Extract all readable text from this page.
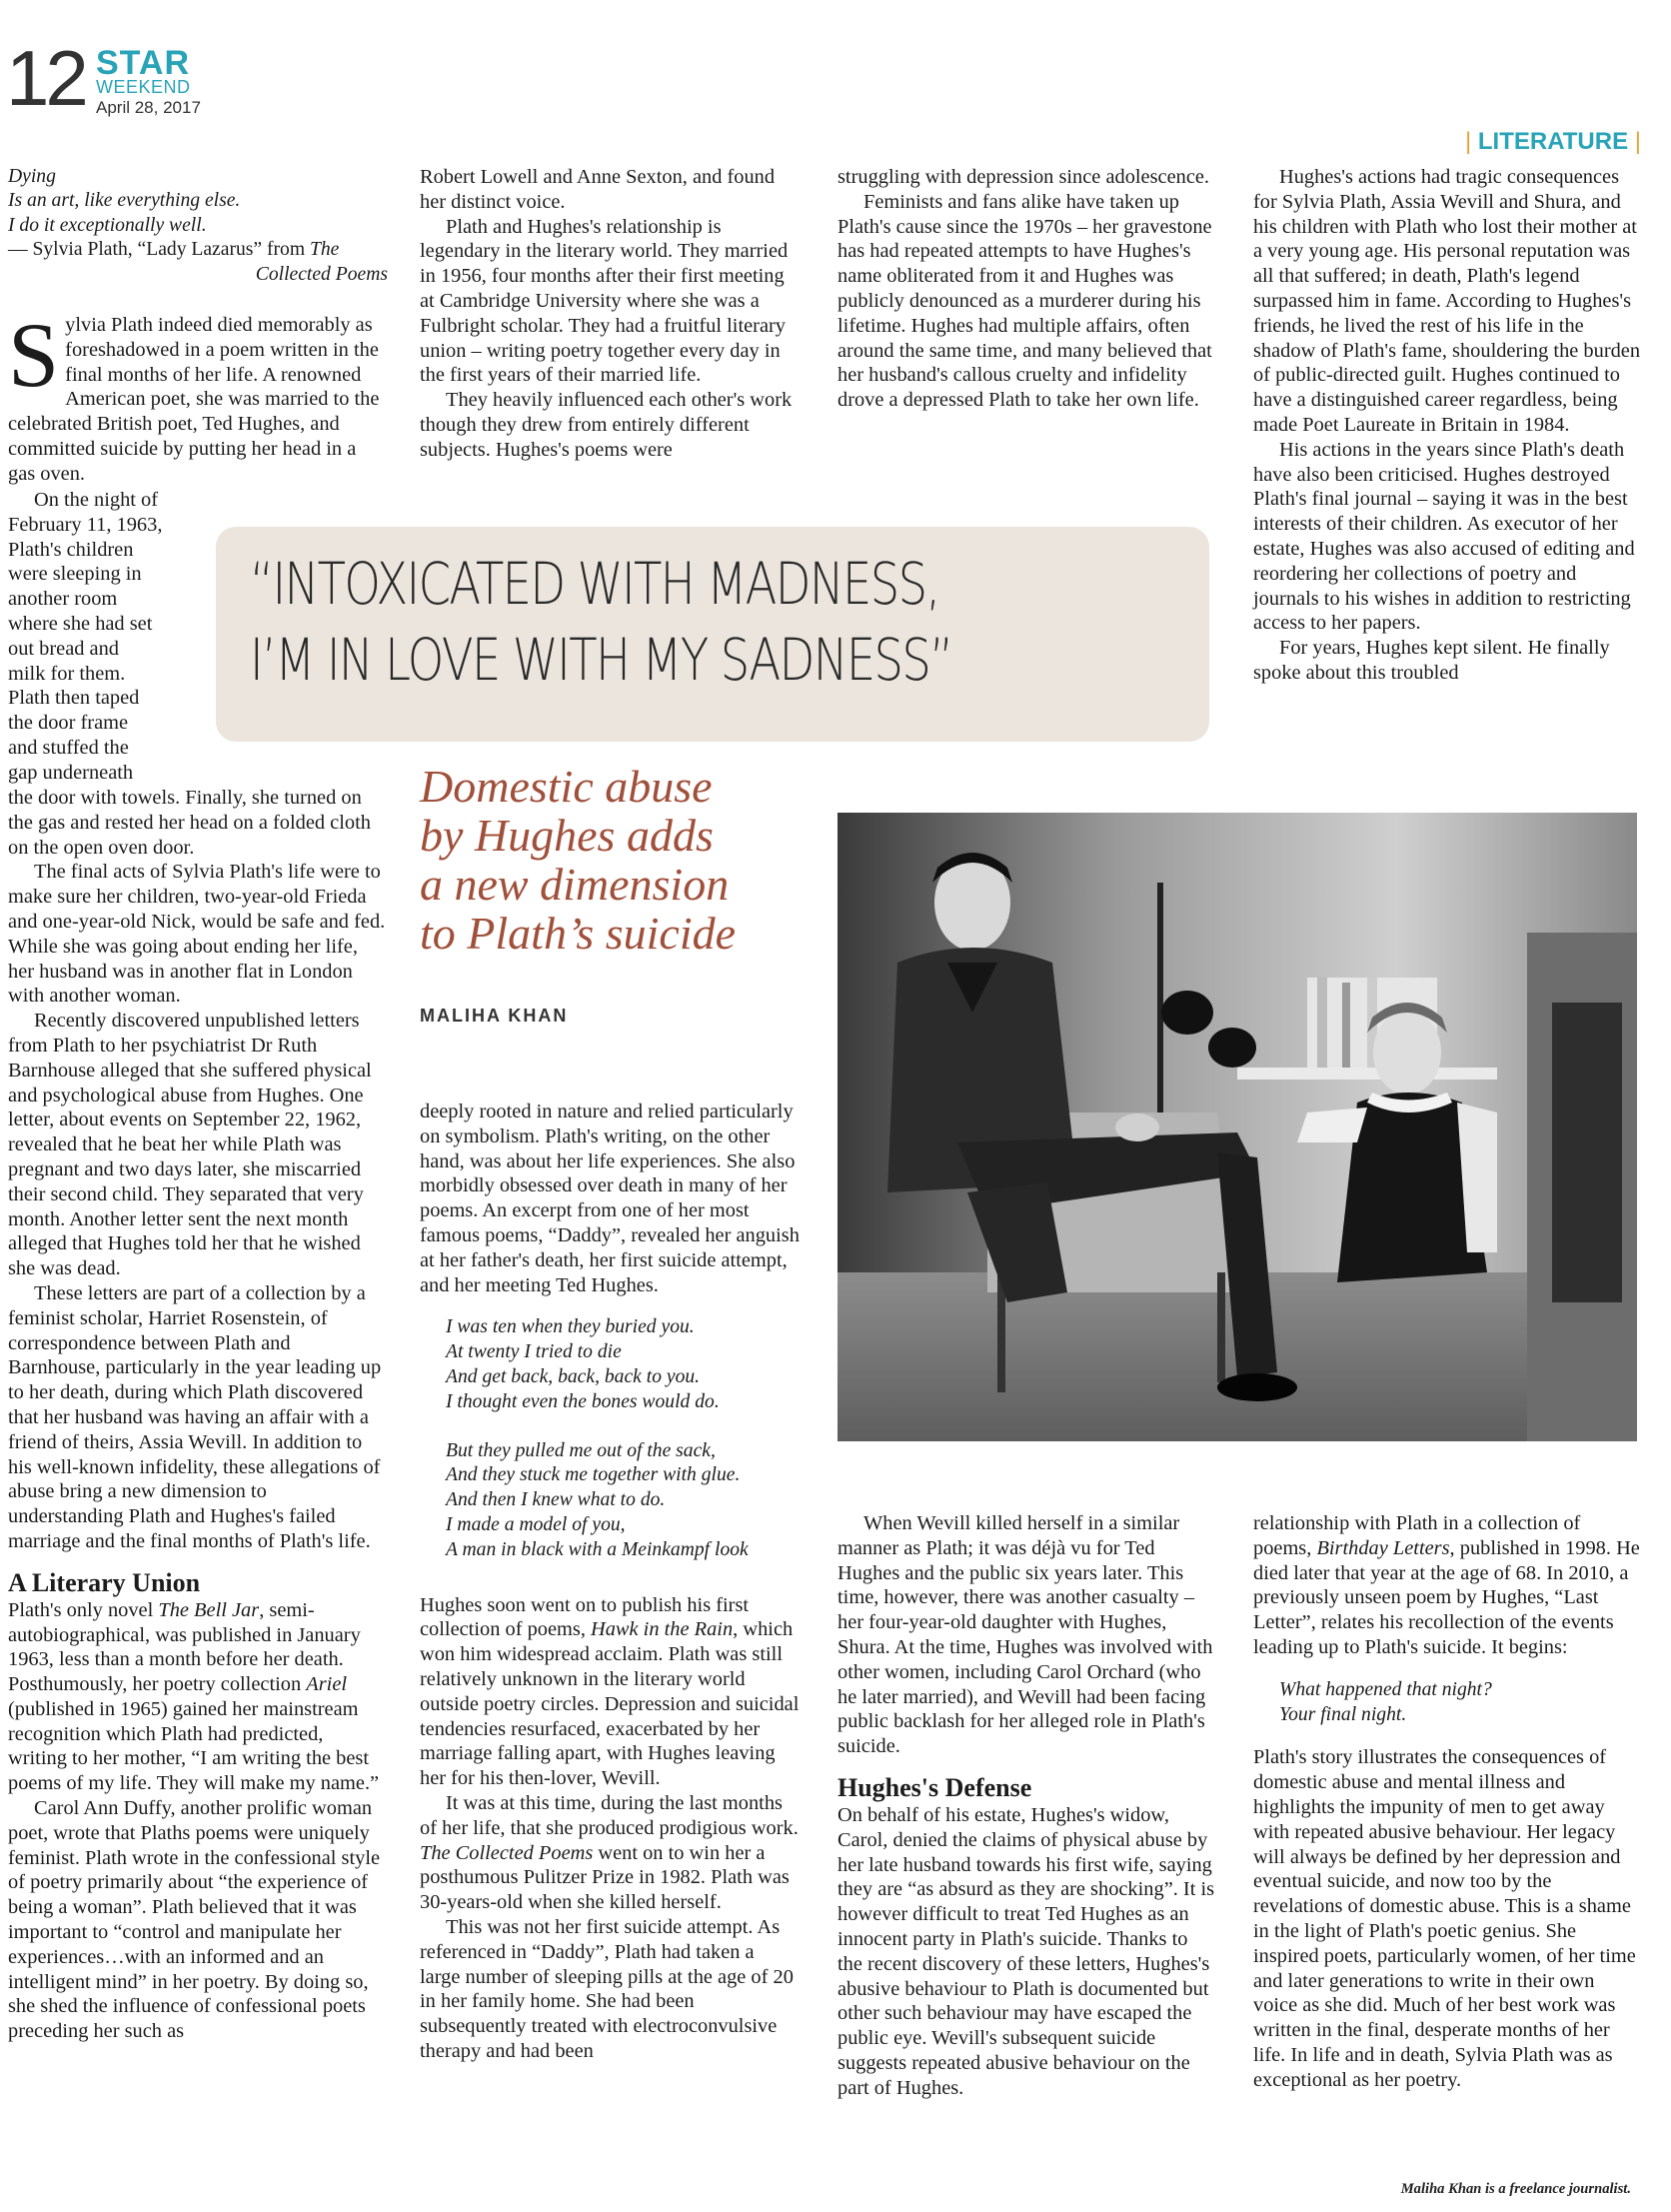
12 STAR
WEEKEND
April 28, 2017
| LITERATURE |
Dying
Is an art, like everything else.
I do it exceptionally well.
— Sylvia Plath, “Lady Lazarus” from The
Collected Poems

Sylvia Plath indeed died memorably as foreshadowed in a poem written in the final months of her life. A renowned American poet, she was married to the celebrated British poet, Ted Hughes, and committed suicide by putting her head in a gas oven.

On the night of
February 11, 1963,
Plath's children
were sleeping in
another room
where she had set
out bread and
milk for them.
Plath then taped
the door frame
and stuffed the
gap underneath

the door with towels. Finally, she turned on the gas and rested her head on a folded cloth on the open oven door.

The final acts of Sylvia Plath's life were to make sure her children, two-year-old Frieda and one-year-old Nick, would be safe and fed. While she was going about ending her life, her husband was in another flat in London with another woman.

Recently discovered unpublished letters from Plath to her psychiatrist Dr Ruth Barnhouse alleged that she suffered physical and psychological abuse from Hughes. One letter, about events on September 22, 1962, revealed that he beat her while Plath was pregnant and two days later, she miscarried their second child. They separated that very month. Another letter sent the next month alleged that Hughes told her that he wished she was dead.

These letters are part of a collection by a feminist scholar, Harriet Rosenstein, of correspondence between Plath and Barnhouse, particularly in the year leading up to her death, during which Plath discovered that her husband was having an affair with a friend of theirs, Assia Wevill. In addition to his well-known infidelity, these allegations of abuse bring a new dimension to understanding Plath and Hughes's failed marriage and the final months of Plath's life.

A Literary Union

Plath's only novel The Bell Jar, semi-autobiographical, was published in January 1963, less than a month before her death. Posthumously, her poetry collection Ariel (published in 1965) gained her mainstream recognition which Plath had predicted, writing to her mother, “I am writing the best poems of my life. They will make my name.”

Carol Ann Duffy, another prolific woman poet, wrote that Plaths poems were uniquely feminist. Plath wrote in the confessional style of poetry primarily about “the experience of being a woman”. Plath believed that it was important to “control and manipulate her experiences…with an informed and an intelligent mind” in her poetry. By doing so, she shed the influence of confessional poets preceding her such as

Robert Lowell and Anne Sexton, and found her distinct voice.

Plath and Hughes's relationship is legendary in the literary world. They married in 1956, four months after their first meeting at Cambridge University where she was a Fulbright scholar. They had a fruitful literary union – writing poetry together every day in the first years of their married life.

They heavily influenced each other's work though they drew from entirely different subjects. Hughes's poems were

struggling with depression since adolescence.

Feminists and fans alike have taken up Plath's cause since the 1970s – her gravestone has had repeated attempts to have Hughes's name obliterated from it and Hughes was publicly denounced as a murderer during his lifetime. Hughes had multiple affairs, often around the same time, and many believed that her husband's callous cruelty and infidelity drove a depressed Plath to take her own life.

Hughes's actions had tragic consequences for Sylvia Plath, Assia Wevill and Shura, and his children with Plath who lost their mother at a very young age. His personal reputation was all that suffered; in death, Plath's legend surpassed him in fame. According to Hughes's friends, he lived the rest of his life in the shadow of Plath's fame, shouldering the burden of public-directed guilt. Hughes continued to have a distinguished career regardless, being made Poet Laureate in Britain in 1984.

His actions in the years since Plath's death have also been criticised. Hughes destroyed Plath's final journal – saying it was in the best interests of their children. As executor of her estate, Hughes was also accused of editing and reordering her collections of poetry and journals to his wishes in addition to restricting access to her papers.

For years, Hughes kept silent. He finally spoke about this troubled

“INTOXICATED WITH MADNESS,
I’M IN LOVE WITH MY SADNESS”
Domestic abuse
by Hughes adds
a new dimension
to Plath’s suicide
MALIHA KHAN

deeply rooted in nature and relied particularly on symbolism. Plath's writing, on the other hand, was about her life experiences. She also morbidly obsessed over death in many of her poems. An excerpt from one of her most famous poems, “Daddy”, revealed her anguish at her father's death, her first suicide attempt, and her meeting Ted Hughes.

I was ten when they buried you.
At twenty I tried to die
And get back, back, back to you.
I thought even the bones would do.
But they pulled me out of the sack,
And they stuck me together with glue.
And then I knew what to do.
I made a model of you,
A man in black with a Meinkampf look

Hughes soon went on to publish his first collection of poems, Hawk in the Rain, which won him widespread acclaim. Plath was still relatively unknown in the literary world outside poetry circles. Depression and suicidal tendencies resurfaced, exacerbated by her marriage falling apart, with Hughes leaving her for his then-lover, Wevill.

It was at this time, during the last months of her life, that she produced prodigious work. The Collected Poems went on to win her a posthumous Pulitzer Prize in 1982. Plath was 30-years-old when she killed herself.

This was not her first suicide attempt. As referenced in “Daddy”, Plath had taken a large number of sleeping pills at the age of 20 in her family home. She had been subsequently treated with electroconvulsive therapy and had been

When Wevill killed herself in a similar manner as Plath; it was déjà vu for Ted Hughes and the public six years later. This time, however, there was another casualty – her four-year-old daughter with Hughes, Shura. At the time, Hughes was involved with other women, including Carol Orchard (who he later married), and Wevill had been facing public backlash for her alleged role in Plath's suicide.

Hughes's Defense

On behalf of his estate, Hughes's widow, Carol, denied the claims of physical abuse by her late husband towards his first wife, saying they are “as absurd as they are shocking”. It is however difficult to treat Ted Hughes as an innocent party in Plath's suicide. Thanks to the recent discovery of these letters, Hughes's abusive behaviour to Plath is documented but other such behaviour may have escaped the public eye. Wevill's subsequent suicide suggests repeated abusive behaviour on the part of Hughes.

relationship with Plath in a collection of poems, Birthday Letters, published in 1998. He died later that year at the age of 68. In 2010, a previously unseen poem by Hughes, “Last Letter”, relates his recollection of the events leading up to Plath's suicide. It begins:

What happened that night?
Your final night.

Plath's story illustrates the consequences of domestic abuse and mental illness and highlights the impunity of men to get away with repeated abusive behaviour. Her legacy will always be defined by her depression and eventual suicide, and now too by the revelations of domestic abuse. This is a shame in the light of Plath's poetic genius. She inspired poets, particularly women, of her time and later generations to write in their own voice as she did. Much of her best work was written in the final, desperate months of her life. In life and in death, Sylvia Plath was as exceptional as her poetry.

Maliha Khan is a freelance journalist.
